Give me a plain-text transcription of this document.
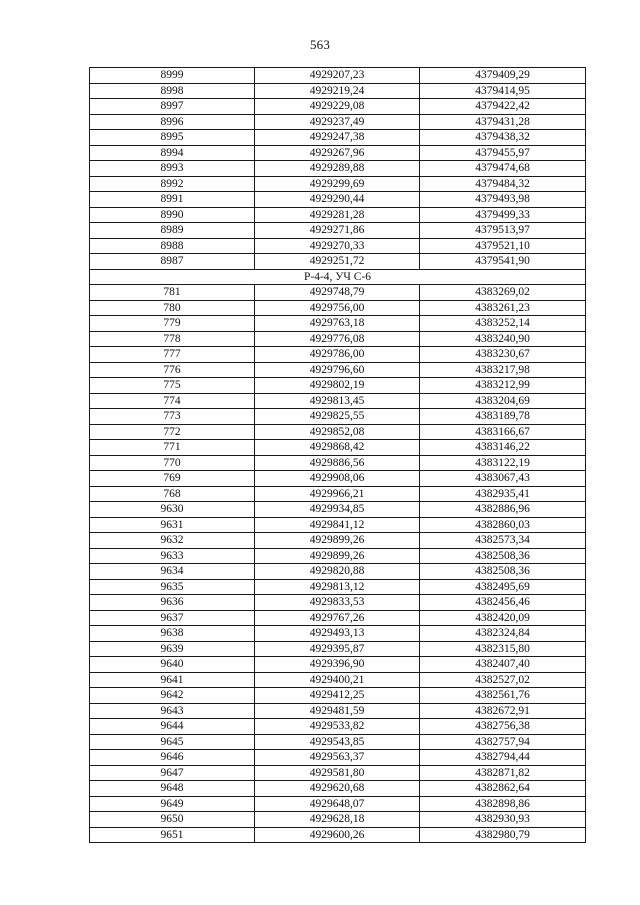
563
8999	4929207,23	4379409,29
8998	4929219,24	4379414,95
8997	4929229,08	4379422,42
8996	4929237,49	4379431,28
8995	4929247,38	4379438,32
8994	4929267,96	4379455,97
8993	4929289,88	4379474,68
8992	4929299,69	4379484,32
8991	4929290,44	4379493,98
8990	4929281,28	4379499,33
8989	4929271,86	4379513,97
8988	4929270,33	4379521,10
8987	4929251,72	4379541,90
Р-4-4, УЧ С-6		
781	4929748,79	4383269,02
780	4929756,00	4383261,23
779	4929763,18	4383252,14
778	4929776,08	4383240,90
777	4929786,00	4383230,67
776	4929796,60	4383217,98
775	4929802,19	4383212,99
774	4929813,45	4383204,69
773	4929825,55	4383189,78
772	4929852,08	4383166,67
771	4929868,42	4383146,22
770	4929886,56	4383122,19
769	4929908,06	4383067,43
768	4929966,21	4382935,41
9630	4929934,85	4382886,96
9631	4929841,12	4382860,03
9632	4929899,26	4382573,34
9633	4929899,26	4382508,36
9634	4929820,88	4382508,36
9635	4929813,12	4382495,69
9636	4929833,53	4382456,46
9637	4929767,26	4382420,09
9638	4929493,13	4382324,84
9639	4929395,87	4382315,80
9640	4929396,90	4382407,40
9641	4929400,21	4382527,02
9642	4929412,25	4382561,76
9643	4929481,59	4382672,91
9644	4929533,82	4382756,38
9645	4929543,85	4382757,94
9646	4929563,37	4382794,44
9647	4929581,80	4382871,82
9648	4929620,68	4382862,64
9649	4929648,07	4382898,86
9650	4929628,18	4382930,93
9651	4929600,26	4382980,79
